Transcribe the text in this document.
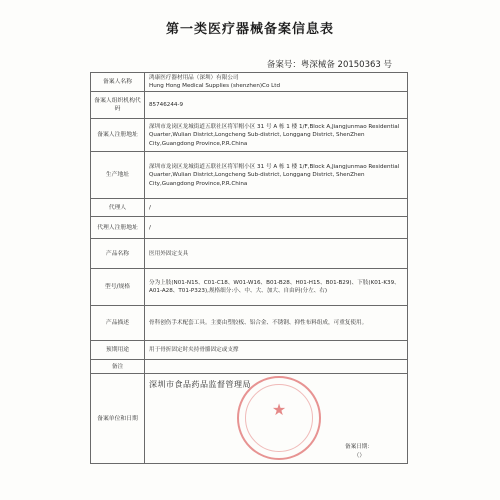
第一类医疗器械备案信息表
备案号：粤深械备 20150363 号
备案人名称	鸿康医疗器材用品（深圳）有限公司
Hung Hong Medical Supplies (shenzhen)Co Ltd

备案人组织机构代码	85746244-9
备案人注册地址	深圳市龙岗区龙城街道五联社区将军帽小区 31 号 A 栋 1 楼 1/F,Block A,Jiangjunmao Residential Quarter,Wulian District,Longcheng Sub-district, Longgang District, ShenZhen City,Guangdong Province,P.R.China
生产地址	深圳市龙岗区龙城街道五联社区将军帽小区 31 号 A 栋 1 楼 1/F,Block A,Jiangjunmao Residential Quarter,Wulian District,Longcheng Sub-district, Longgang District, ShenZhen City,Guangdong Province,P.R.China
代理人	/
代理人注册地址	/
产品名称	医用外固定支具
型号/规格	分为上肢(N01-N15、C01-C18、W01-W16、B01-B28、H01-H15、B01-B29)、下肢(K01-K39、A01-A28、T01-P323),规格细分:小、中、大、加大、自由码(分左、右)
产品描述	骨科创伤手术配套工具。主要由塑胶板、铝合金、不锈钢、抑性布料组成，可重复使用。
预期用途	用于骨折固定时夹持骨骼固定或支撑
备注	
备案单位和日期	深圳市食品药品监督管理局
★
备案日期：
（）
